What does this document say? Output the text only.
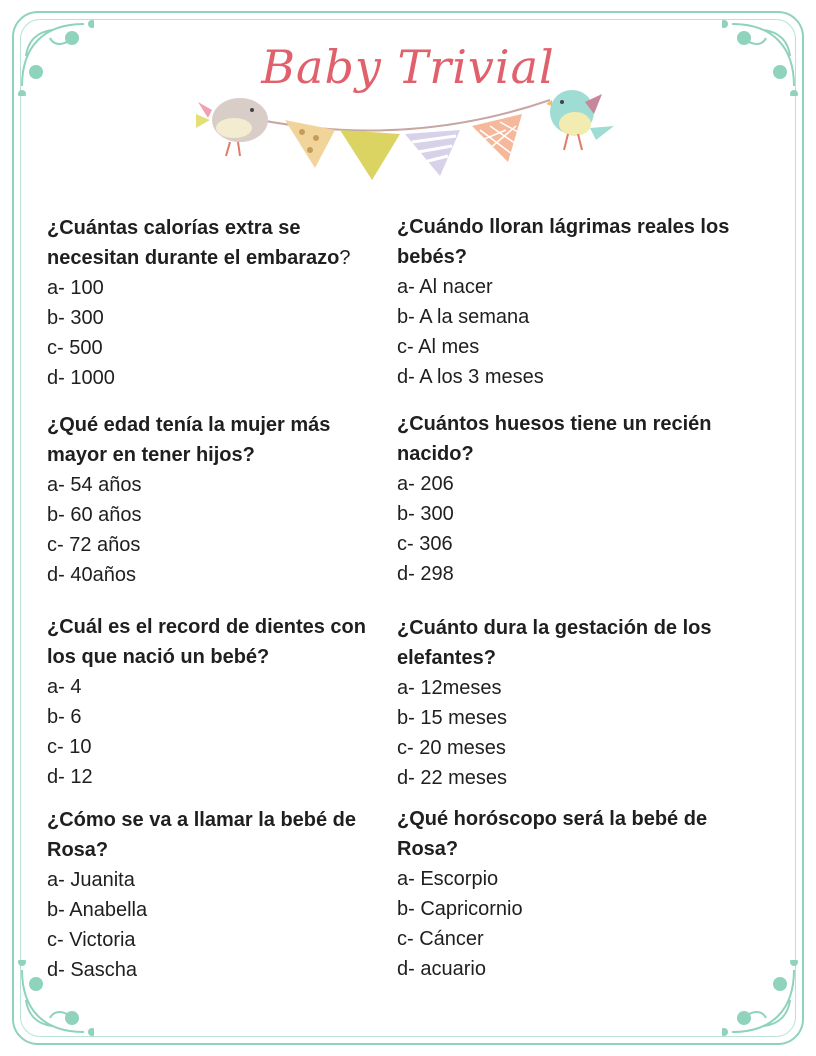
Baby Trivial

¿Cuántas calorías extra se necesitan durante el embarazo?

a- 100

b- 300

c- 500

d- 1000

¿Cuándo lloran lágrimas reales los bebés?

a- Al nacer

b- A la semana

c- Al mes

d- A los 3 meses

¿Qué edad tenía la mujer más mayor en tener hijos?

a- 54 años

b- 60 años

c- 72 años

d- 40años

¿Cuántos huesos tiene un recién nacido?

a- 206

b- 300

c- 306

d- 298

¿Cuál es el record de dientes con los que nació un bebé?

a- 4

b- 6

c- 10

d- 12

¿Cuánto dura la gestación de los elefantes?

a- 12meses

b- 15 meses

c- 20 meses

d- 22 meses

¿Cómo se va a llamar la bebé de Rosa?

a- Juanita

b- Anabella

c- Victoria

d- Sascha

¿Qué horóscopo será la bebé de Rosa?

a- Escorpio

b- Capricornio

c- Cáncer

d- acuario
